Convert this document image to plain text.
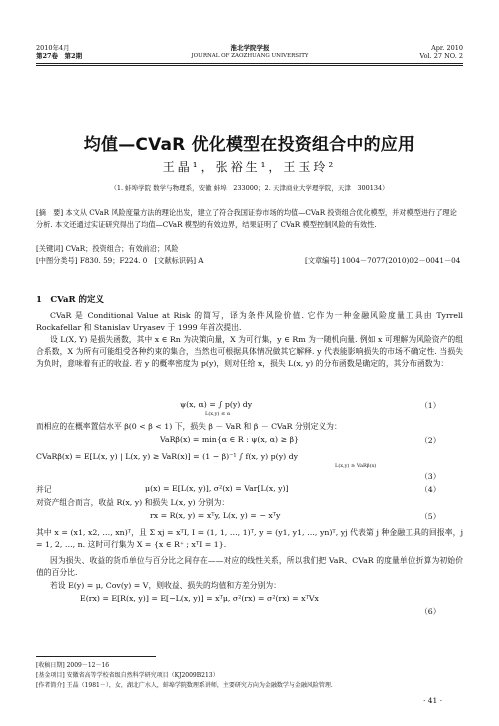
2010年4月
第27卷　第2期
淮北学院学报
JOURNAL OF ZAOZHUANG UNIVERSITY
Apr. 2010
Vol. 27 NO. 2
均值—CVaR 优化模型在投资组合中的应用
王晶¹，张裕生¹，王玉玲²
（1. 蚌埠学院 数学与物理系，安徽 蚌埠　233000；2. 天津商业大学理学院，天津　300134）
[摘　要] 本文从 CVaR 风险度量方法的理论出发，建立了符合我国证券市场的均值—CVaR 投资组合优化模型，并对模型进行了理论分析. 本文还通过实证研究得出了均值—CVaR 模型的有效边界，结果证明了 CVaR 模型控制风险的有效性.
[关键词] CVaR；投资组合；有效前沿；风险
[中图分类号] F830. 59；F224. 0　[文献标识码] A	[文章编号] 1004－7077(2010)02－0041－04
1　CVaR 的定义
CVaR 是 Conditional Value at Risk 的简写，译为条件风险价值. 它作为一种金融风险度量工具由 Tyrrell Rockafellar 和 Stanislav Uryasev 于 1999 年首次提出.
设 L(X, Y) 是损失函数，其中 x ∈ Rn 为决策向量，X 为可行集，y ∈ Rm 为一随机向量. 例如 x 可理解为风险资产的组合系数，X 为所有可能组受各种约束的集合，当然也可根据具体情况做其它解释. y 代表能影响损失的市场不确定性. 当损失为负时，意味着有正的收益. 若 y 的概率密度为 p(y)，则对任给 x，损失 L(x, y) 的分布函数是确定的，其分布函数为：
ψ(x, α) = ∫ p(y) dy
L(x,y) ≤ α
（1）
而相应的在概率置信水平 β(0 < β < 1) 下，损失 β － VaR 和 β － CVaR 分别定义为：
VaRβ(x) = min{α ∈ R : ψ(x, α) ≥ β}	（2）
CVaRβ(x) = E[L(x, y) | L(x, y) ≥ VaR(x)] = (1 − β)⁻¹ ∫ f(x, y) p(y) dy
L(x,y) ≥ VaRβ(x)
（3）
并记	μ(x) = E[L(x, y)], σ²(x) = Var[L(x, y)]	（4）
对资产组合而言，收益 R(x, y) 和损失 L(x, y) 分别为：
rx = R(x, y) = xᵀy, L(x, y) = − xᵀy	（5）
其中 x = (x1, x2, …, xn)ᵀ，且 Σ xj = xᵀI, I = (1, 1, …, 1)ᵀ, y = (y1, y1, …, yn)ᵀ, yj 代表第 j 种金融工具的回报率，j = 1, 2, …, n. 这时可行集为 X = {x ∈ R⁺ ; xᵀI = 1}.
因为损失、收益的货币单位与百分比之间存在——对应的线性关系，所以我们把 VaR、CVaR 的度量单位折算为初始价值的百分比.
若设 E(y) = μ, Cov(y) = V，则收益、损失的均值和方差分别为：
E(rx) = E[R(x, y)] = E[−L(x, y)] = xᵀμ, σ²(rx) = σ²(rx) = xᵀVx
（6）
[收稿日期] 2009－12－16
[基金项目] 安徽省高等学校省级自然科学研究项目（KJ2009B213）
[作者简介] 王晶（1981－），女，湖北广水人，蚌埠学院数理系讲师，主要研究方向为金融数学与金融风险管理.
· 41 ·
